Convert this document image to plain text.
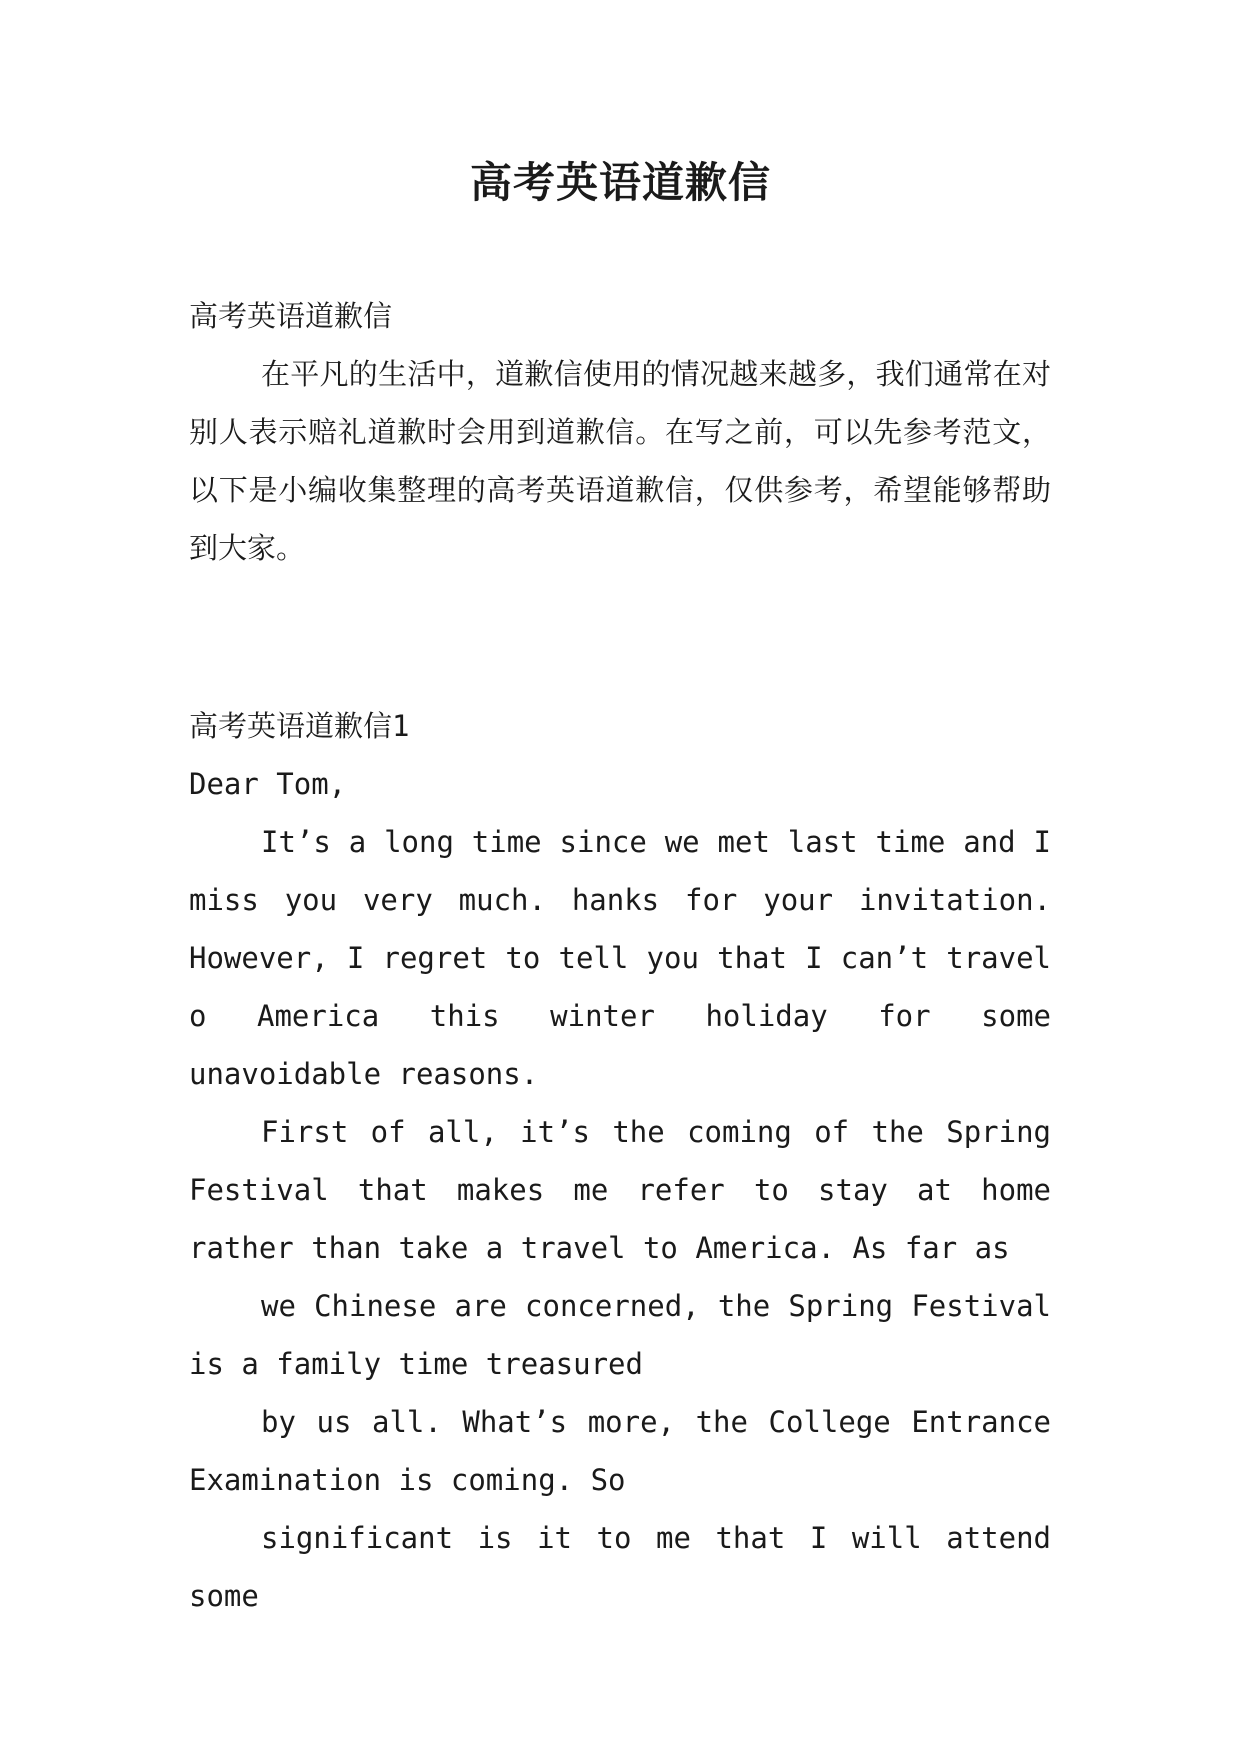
高考英语道歉信

高考英语道歉信

在平凡的生活中，道歉信使用的情况越来越多，我们通常在对别人表示赔礼道歉时会用到道歉信。在写之前，可以先参考范文，以下是小编收集整理的高考英语道歉信，仅供参考，希望能够帮助到大家。

高考英语道歉信1

Dear Tom,

It’s a long time since we met last time and I miss you very much. hanks for your invitation. However, I regret to tell you that I can’t travel o America this winter holiday for some unavoidable reasons.

First of all, it’s the coming of the Spring Festival that makes me refer to stay at home rather than take a travel to America. As far as

we Chinese are concerned, the Spring Festival is a family time treasured

by us all. What’s more, the College Entrance Examination is coming. So

significant is it to me that I will attend some
